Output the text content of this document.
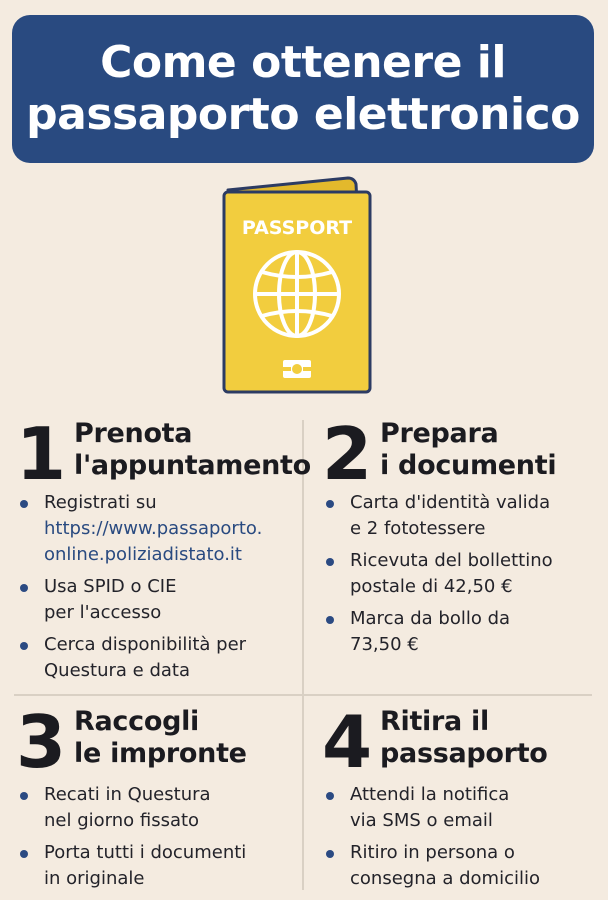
Come ottenere il
passaporto elettronico
PASSPORT
1 Prenota
l'appuntamento
Registrati su
https://www.passaporto.
online.poliziadistato.it
Usa SPID o CIE
per l'accesso
Cerca disponibilità per
Questura e data
2 Prepara
i documenti
Carta d'identità valida
e 2 fototessere
Ricevuta del bollettino
postale di 42,50 €
Marca da bollo da
73,50 €
3 Raccogli
le impronte
Recati in Questura
nel giorno fissato
Porta tutti i documenti
in originale
4 Ritira il
passaporto
Attendi la notifica
via SMS o email
Ritiro in persona o
consegna a domicilio
